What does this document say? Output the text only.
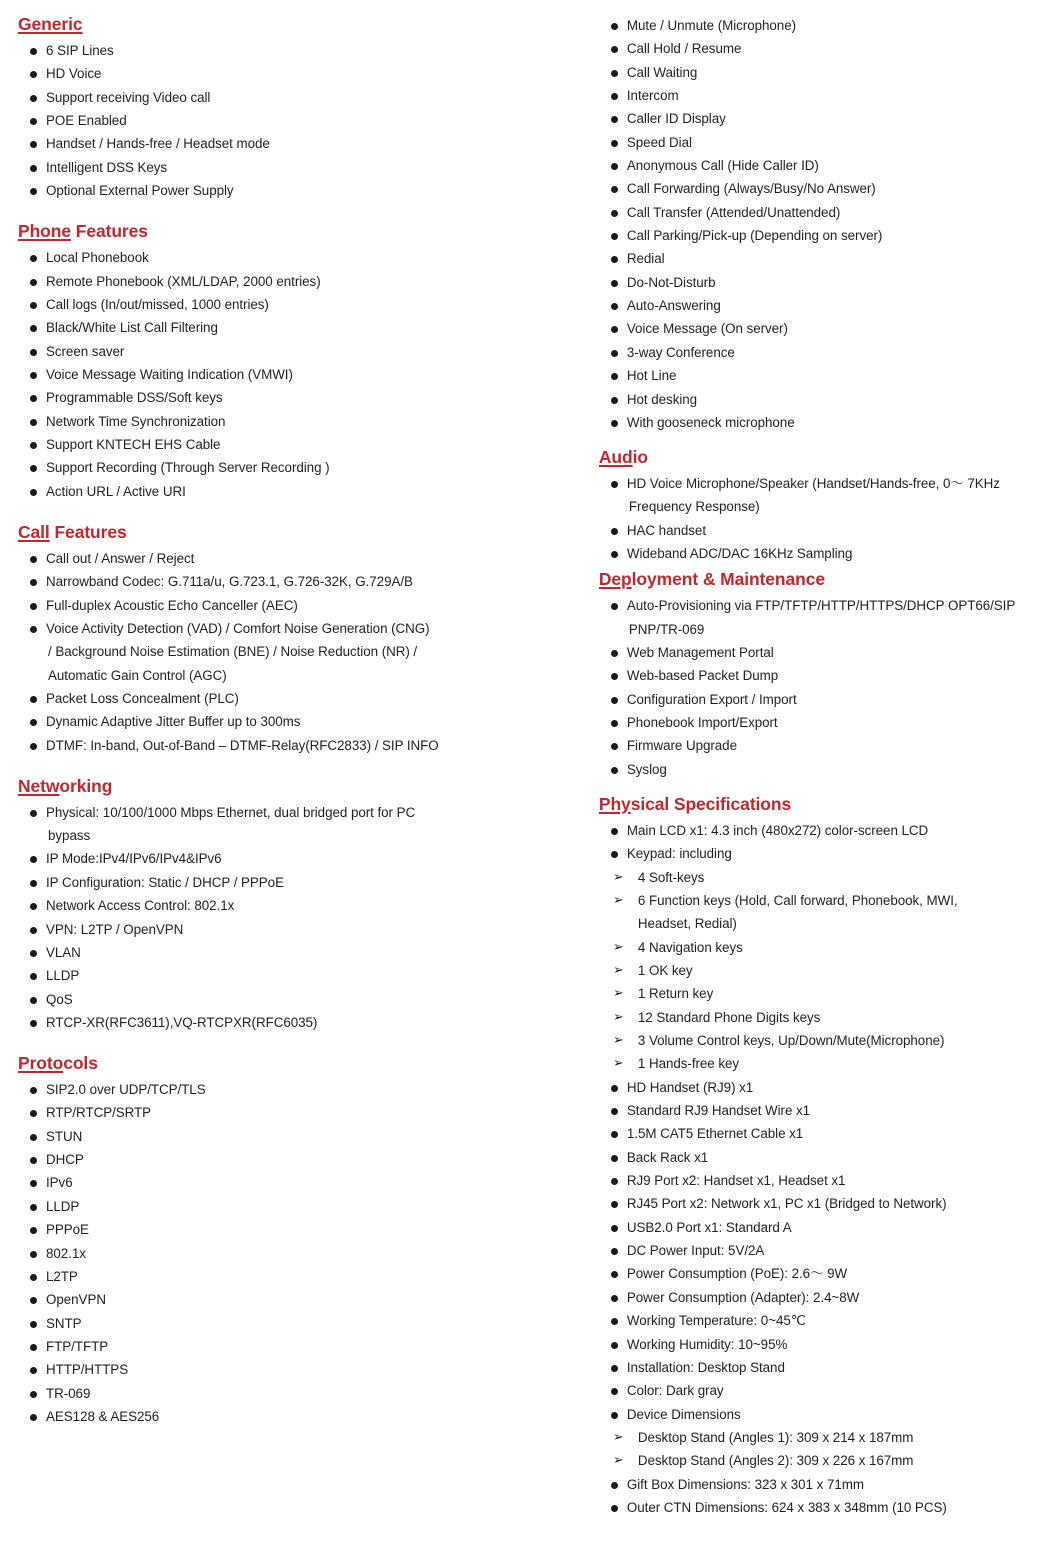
Generic
6 SIP Lines
HD Voice
Support receiving Video call
POE Enabled
Handset / Hands-free / Headset mode
Intelligent DSS Keys
Optional External Power Supply
Phone Features
Local Phonebook
Remote Phonebook (XML/LDAP, 2000 entries)
Call logs (In/out/missed, 1000 entries)
Black/White List Call Filtering
Screen saver
Voice Message Waiting Indication (VMWI)
Programmable DSS/Soft keys
Network Time Synchronization
Support KNTECH EHS Cable
Support Recording (Through Server Recording )
Action URL / Active URI
Call Features
Call out / Answer / Reject
Narrowband Codec: G.711a/u, G.723.1, G.726-32K, G.729A/B
Full-duplex Acoustic Echo Canceller (AEC)
Voice Activity Detection (VAD) / Comfort Noise Generation (CNG)
/ Background Noise Estimation (BNE) / Noise Reduction (NR) /
Automatic Gain Control (AGC)
Packet Loss Concealment (PLC)
Dynamic Adaptive Jitter Buffer up to 300ms
DTMF: In-band, Out-of-Band – DTMF-Relay(RFC2833) / SIP INFO
Networking
Physical: 10/100/1000 Mbps Ethernet, dual bridged port for PC
bypass
IP Mode:IPv4/IPv6/IPv4&IPv6
IP Configuration: Static / DHCP / PPPoE
Network Access Control: 802.1x
VPN: L2TP / OpenVPN
VLAN
LLDP
QoS
RTCP-XR(RFC3611),VQ-RTCPXR(RFC6035)
Protocols
SIP2.0 over UDP/TCP/TLS
RTP/RTCP/SRTP
STUN
DHCP
IPv6
LLDP
PPPoE
802.1x
L2TP
OpenVPN
SNTP
FTP/TFTP
HTTP/HTTPS
TR-069
AES128 & AES256
Mute / Unmute (Microphone)
Call Hold / Resume
Call Waiting
Intercom
Caller ID Display
Speed Dial
Anonymous Call (Hide Caller ID)
Call Forwarding (Always/Busy/No Answer)
Call Transfer (Attended/Unattended)
Call Parking/Pick-up (Depending on server)
Redial
Do-Not-Disturb
Auto-Answering
Voice Message (On server)
3-way Conference
Hot Line
Hot desking
With gooseneck microphone
Audio
HD Voice Microphone/Speaker (Handset/Hands-free, 0～ 7KHz
Frequency Response)
HAC handset
Wideband ADC/DAC 16KHz Sampling
Deployment & Maintenance
Auto-Provisioning via FTP/TFTP/HTTP/HTTPS/DHCP OPT66/SIP
PNP/TR-069
Web Management Portal
Web-based Packet Dump
Configuration Export / Import
Phonebook Import/Export
Firmware Upgrade
Syslog
Physical Specifications
Main LCD x1: 4.3 inch (480x272) color-screen LCD
Keypad: including
➢ 4 Soft-keys
➢ 6 Function keys (Hold, Call forward, Phonebook, MWI,
Headset, Redial)
➢ 4 Navigation keys
➢ 1 OK key
➢ 1 Return key
➢ 12 Standard Phone Digits keys
➢ 3 Volume Control keys, Up/Down/Mute(Microphone)
➢ 1 Hands-free key
HD Handset (RJ9) x1
Standard RJ9 Handset Wire x1
1.5M CAT5 Ethernet Cable x1
Back Rack x1
RJ9 Port x2: Handset x1, Headset x1
RJ45 Port x2: Network x1, PC x1 (Bridged to Network)
USB2.0 Port x1: Standard A
DC Power Input: 5V/2A
Power Consumption (PoE): 2.6～ 9W
Power Consumption (Adapter): 2.4~8W
Working Temperature: 0~45℃
Working Humidity: 10~95%
Installation: Desktop Stand
Color: Dark gray
Device Dimensions
➢ Desktop Stand (Angles 1): 309 x 214 x 187mm
➢ Desktop Stand (Angles 2): 309 x 226 x 167mm
Gift Box Dimensions: 323 x 301 x 71mm
Outer CTN Dimensions: 624 x 383 x 348mm (10 PCS)
